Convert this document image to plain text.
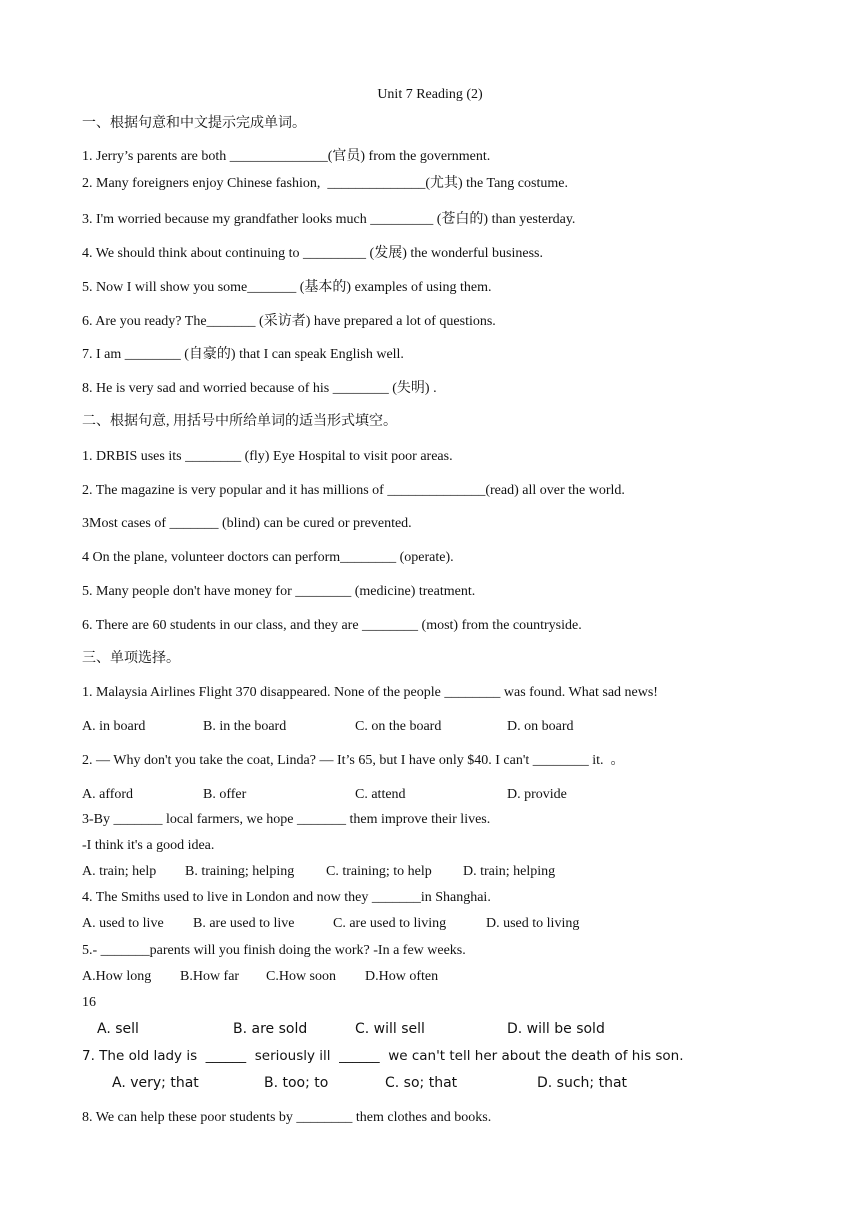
Unit 7 Reading (2)
一、根据句意和中文提示完成单词。
1. Jerry’s parents are both ______________(官员) from the government.
2. Many foreigners enjoy Chinese fashion,  ______________(尤其) the Tang costume.
3. I'm worried because my grandfather looks much _________ (苍白的) than yesterday.
4. We should think about continuing to _________ (发展) the wonderful business.
5. Now I will show you some_______ (基本的) examples of using them.
6. Are you ready? The_______ (采访者) have prepared a lot of questions.
7. I am ________ (自豪的) that I can speak English well.
8. He is very sad and worried because of his ________ (失明) .
二、根据句意, 用括号中所给单词的适当形式填空。
1. DRBIS uses its ________ (fly) Eye Hospital to visit poor areas.
2. The magazine is very popular and it has millions of ______________(read) all over the world.
3Most cases of _______ (blind) can be cured or prevented.
4 On the plane, volunteer doctors can perform________ (operate).
5. Many people don't have money for ________ (medicine) treatment.
6. There are 60 students in our class, and they are ________ (most) from the countryside.
三、单项选择。
1. Malaysia Airlines Flight 370 disappeared. None of the people ________ was found. What sad news!
A. in board	B. in the board	C. on the board	D. on board
2. — Why don't you take the coat, Linda? — It’s 65, but I have only $40. I can't ________ it.  。
A. afford	B. offer	C. attend	D. provide
3-By _______ local farmers, we hope _______ them improve their lives.
-I think it's a good idea.
A. train; help B. training; helping C. training; to help D. train; helping
4. The Smiths used to live in London and now they _______in Shanghai.
A. used to live B. are used to live	C. are used to living	D. used to living
5.- _______parents will you finish doing the work? -In a few weeks.
A.How long B.How far C.How soon D.How often
16
A. sell	B. are sold	C. will sell	D. will be sold
7. The old lady is  ______  seriously ill  ______  we can't tell her about the death of his son.
A. very; that	B. too; to	C. so; that	D. such; that
8. We can help these poor students by ________ them clothes and books.
